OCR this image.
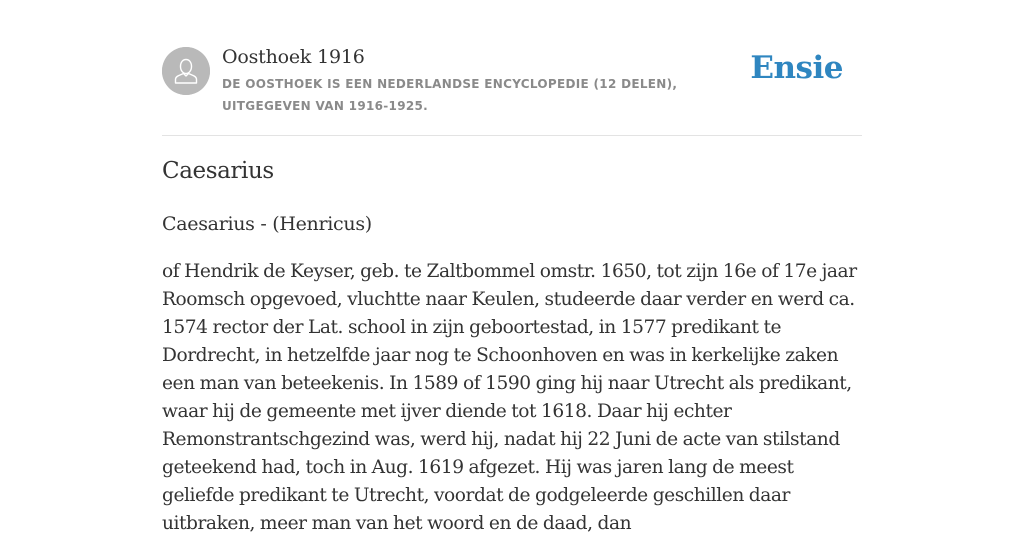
Oosthoek 1916
DE OOSTHOEK IS EEN NEDERLANDSE ENCYCLOPEDIE (12 DELEN), UITGEGEVEN VAN 1916-1925.
Ensie
Caesarius
Caesarius - (Henricus)

of Hendrik de Keyser, geb. te Zaltbommel omstr. 1650, tot zijn 16e of 17e jaar Roomsch opgevoed, vluchtte naar Keulen, studeerde daar verder en werd ca. 1574 rector der Lat. school in zijn geboortestad, in 1577 predikant te Dordrecht, in hetzelfde jaar nog te Schoonhoven en was in kerkelijke zaken een man van beteekenis. In 1589 of 1590 ging hij naar Utrecht als predikant, waar hij de gemeente met ijver diende tot 1618. Daar hij echter Remonstrantschgezind was, werd hij, nadat hij 22 Juni de acte van stilstand geteekend had, toch in Aug. 1619 afgezet. Hij was jaren lang de meest geliefde predikant te Utrecht, voordat de godgeleerde geschillen daar uitbraken, meer man van het woord en de daad, dan
